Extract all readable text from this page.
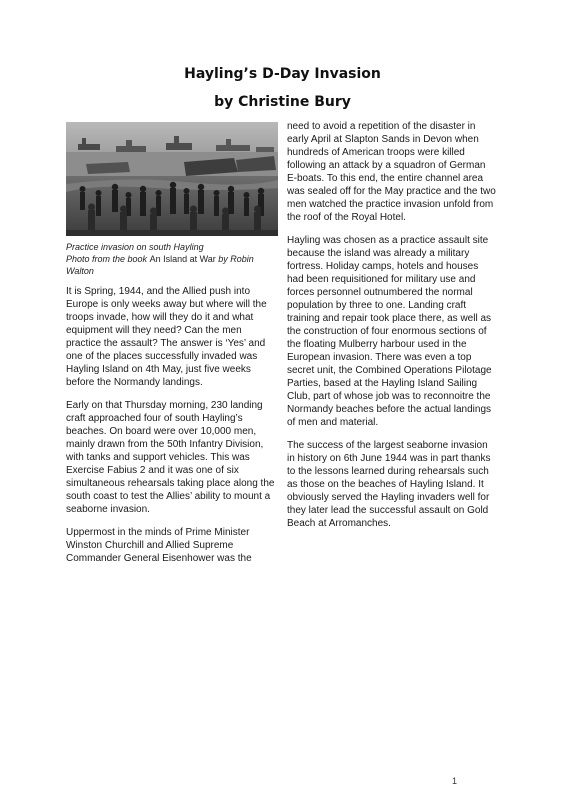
Hayling’s D-Day Invasion
by Christine Bury
Practice invasion on south Hayling
Photo from the book An Island at War by Robin Walton

It is Spring, 1944, and the Allied push into Europe is only weeks away but where will the troops invade, how will they do it and what equipment will they need? Can the men practice the assault? The answer is ‘Yes’ and one of the places successfully invaded was Hayling Island on 4th May, just five weeks before the Normandy landings.

Early on that Thursday morning, 230 landing craft approached four of south Hayling’s beaches. On board were over 10,000 men, mainly drawn from the 50th Infantry Division, with tanks and support vehicles. This was Exercise Fabius 2 and it was one of six simultaneous rehearsals taking place along the south coast to test the Allies’ ability to mount a seaborne invasion.

Uppermost in the minds of Prime Minister Winston Churchill and Allied Supreme Commander General Eisenhower was the

need to avoid a repetition of the disaster in early April at Slapton Sands in Devon when hundreds of American troops were killed following an attack by a squadron of German E-boats. To this end, the entire channel area was sealed off for the May practice and the two men watched the practice invasion unfold from the roof of the Royal Hotel.

Hayling was chosen as a practice assault site because the island was already a military fortress. Holiday camps, hotels and houses had been requisitioned for military use and forces personnel outnumbered the normal population by three to one. Landing craft training and repair took place there, as well as the construction of four enormous sections of the floating Mulberry harbour used in the European invasion. There was even a top secret unit, the Combined Operations Pilotage Parties, based at the Hayling Island Sailing Club, part of whose job was to reconnoitre the Normandy beaches before the actual landings of men and material.

The success of the largest seaborne invasion in history on 6th June 1944 was in part thanks to the lessons learned during rehearsals such as those on the beaches of Hayling Island. It obviously served the Hayling invaders well for they later lead the successful assault on Gold Beach at Arromanches.

1
